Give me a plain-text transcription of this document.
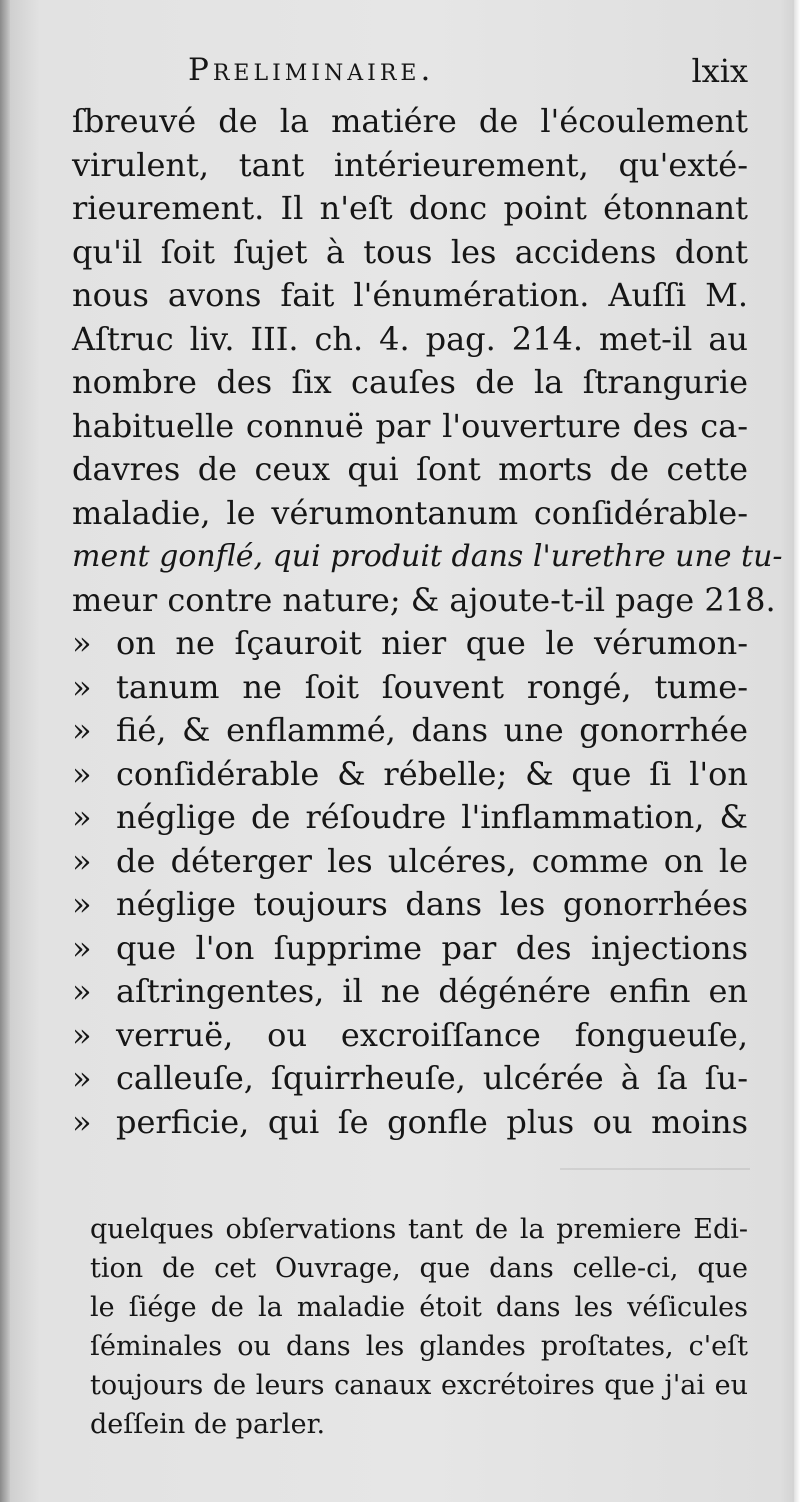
Preliminaire.	lxix
ſbreuvé de la matiére de l'écoulement
virulent, tant intérieurement, qu'exté-
rieurement. Il n'eſt donc point étonnant
qu'il ſoit ſujet à tous les accidens dont
nous avons fait l'énumération. Auſſi M.
Aſtruc liv. III. ch. 4. pag. 214. met-il au
nombre des ſix cauſes de la ſtrangurie
habituelle connuë par l'ouverture des ca-
davres de ceux qui ſont morts de cette
maladie, le vérumontanum conſidérable-
ment gonflé, qui produit dans l'urethre une tu-
meur contre nature; & ajoute-t-il page 218.
» on ne ſçauroit nier que le vérumon-
» tanum ne ſoit ſouvent rongé, tume-
» fié, & enflammé, dans une gonorrhée
» conſidérable & rébelle; & que ſi l'on
» néglige de réſoudre l'inflammation, &
» de déterger les ulcéres, comme on le
» néglige toujours dans les gonorrhées
» que l'on ſupprime par des injections
» aſtringentes, il ne dégénére enfin en
» verruë, ou excroiſſance fongueuſe,
» calleuſe, ſquirrheuſe, ulcérée à ſa ſu-
» perficie, qui ſe gonfle plus ou moins
quelques obſervations tant de la premiere Edi-
tion de cet Ouvrage, que dans celle-ci, que
le ſiége de la maladie étoit dans les véſicules
ſéminales ou dans les glandes proſtates, c'eſt
toujours de leurs canaux excrétoires que j'ai eu
deſſein de parler.
